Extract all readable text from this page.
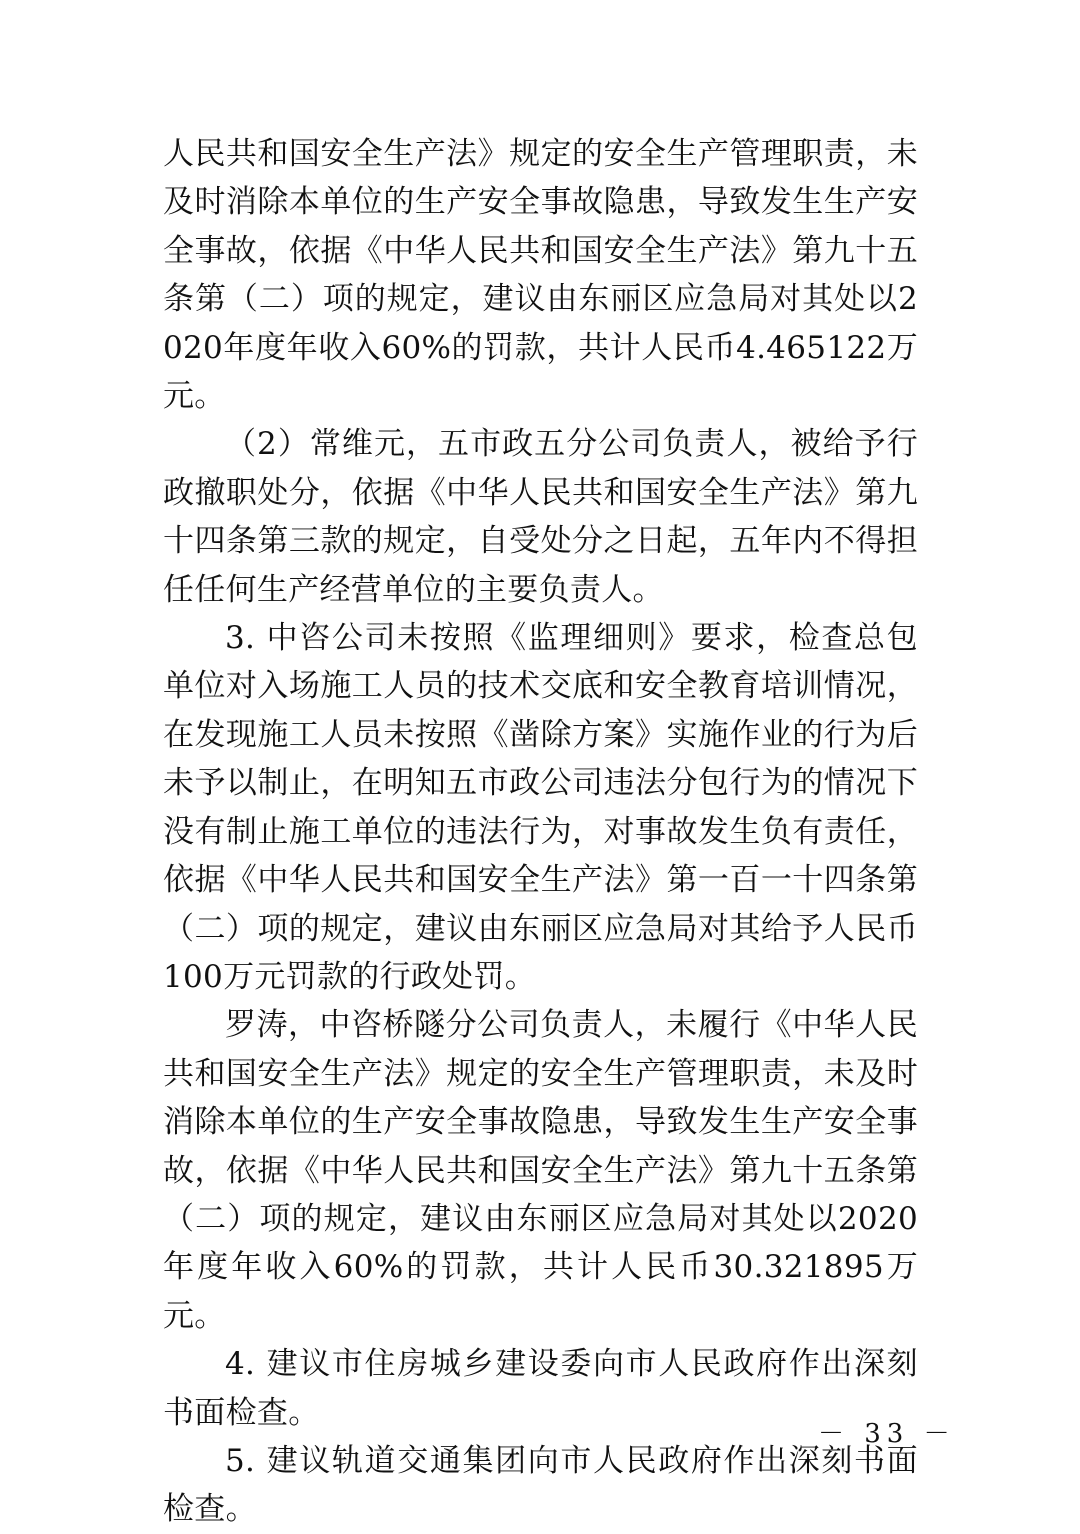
人民共和国安全生产法》规定的安全生产管理职责，未及时消除本单位的生产安全事故隐患，导致发生生产安全事故，依据《中华人民共和国安全生产法》第九十五条第（二）项的规定，建议由东丽区应急局对其处以2020年度年收入60%的罚款，共计人民币4.465122万元。

（2）常维元，五市政五分公司负责人，被给予行政撤职处分，依据《中华人民共和国安全生产法》第九十四条第三款的规定，自受处分之日起，五年内不得担任任何生产经营单位的主要负责人。

3. 中咨公司未按照《监理细则》要求，检查总包单位对入场施工人员的技术交底和安全教育培训情况，在发现施工人员未按照《凿除方案》实施作业的行为后未予以制止，在明知五市政公司违法分包行为的情况下没有制止施工单位的违法行为，对事故发生负有责任，依据《中华人民共和国安全生产法》第一百一十四条第（二）项的规定，建议由东丽区应急局对其给予人民币100万元罚款的行政处罚。

罗涛，中咨桥隧分公司负责人，未履行《中华人民共和国安全生产法》规定的安全生产管理职责，未及时消除本单位的生产安全事故隐患，导致发生生产安全事故，依据《中华人民共和国安全生产法》第九十五条第（二）项的规定，建议由东丽区应急局对其处以2020年度年收入60%的罚款，共计人民币30.321895万元。

4. 建议市住房城乡建设委向市人民政府作出深刻书面检查。

5. 建议轨道交通集团向市人民政府作出深刻书面检查。

－ 33 －
